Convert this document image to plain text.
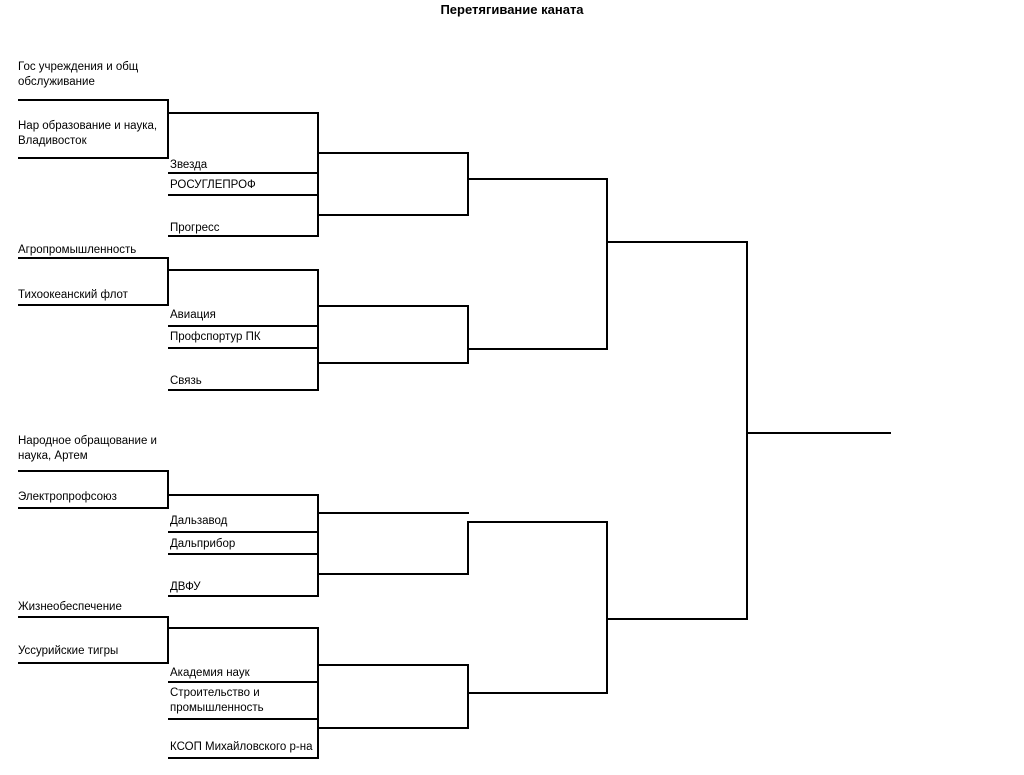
Перетягивание каната
Гос учреждения и общ обслуживание
Нар образование и наука, Владивосток
Звезда
РОСУГЛЕПРОФ
Прогресс
Агропромышленность
Тихоокеанский флот
Авиация
Профспортур ПК
Связь
Народное обращование и наука, Артем
Электропрофсоюз
Дальзавод
Дальприбор
ДВФУ
Жизнеобеспечение
Уссурийские тигры
Академия наук
Строительство и промышленность
КСОП Михайловского р-на
